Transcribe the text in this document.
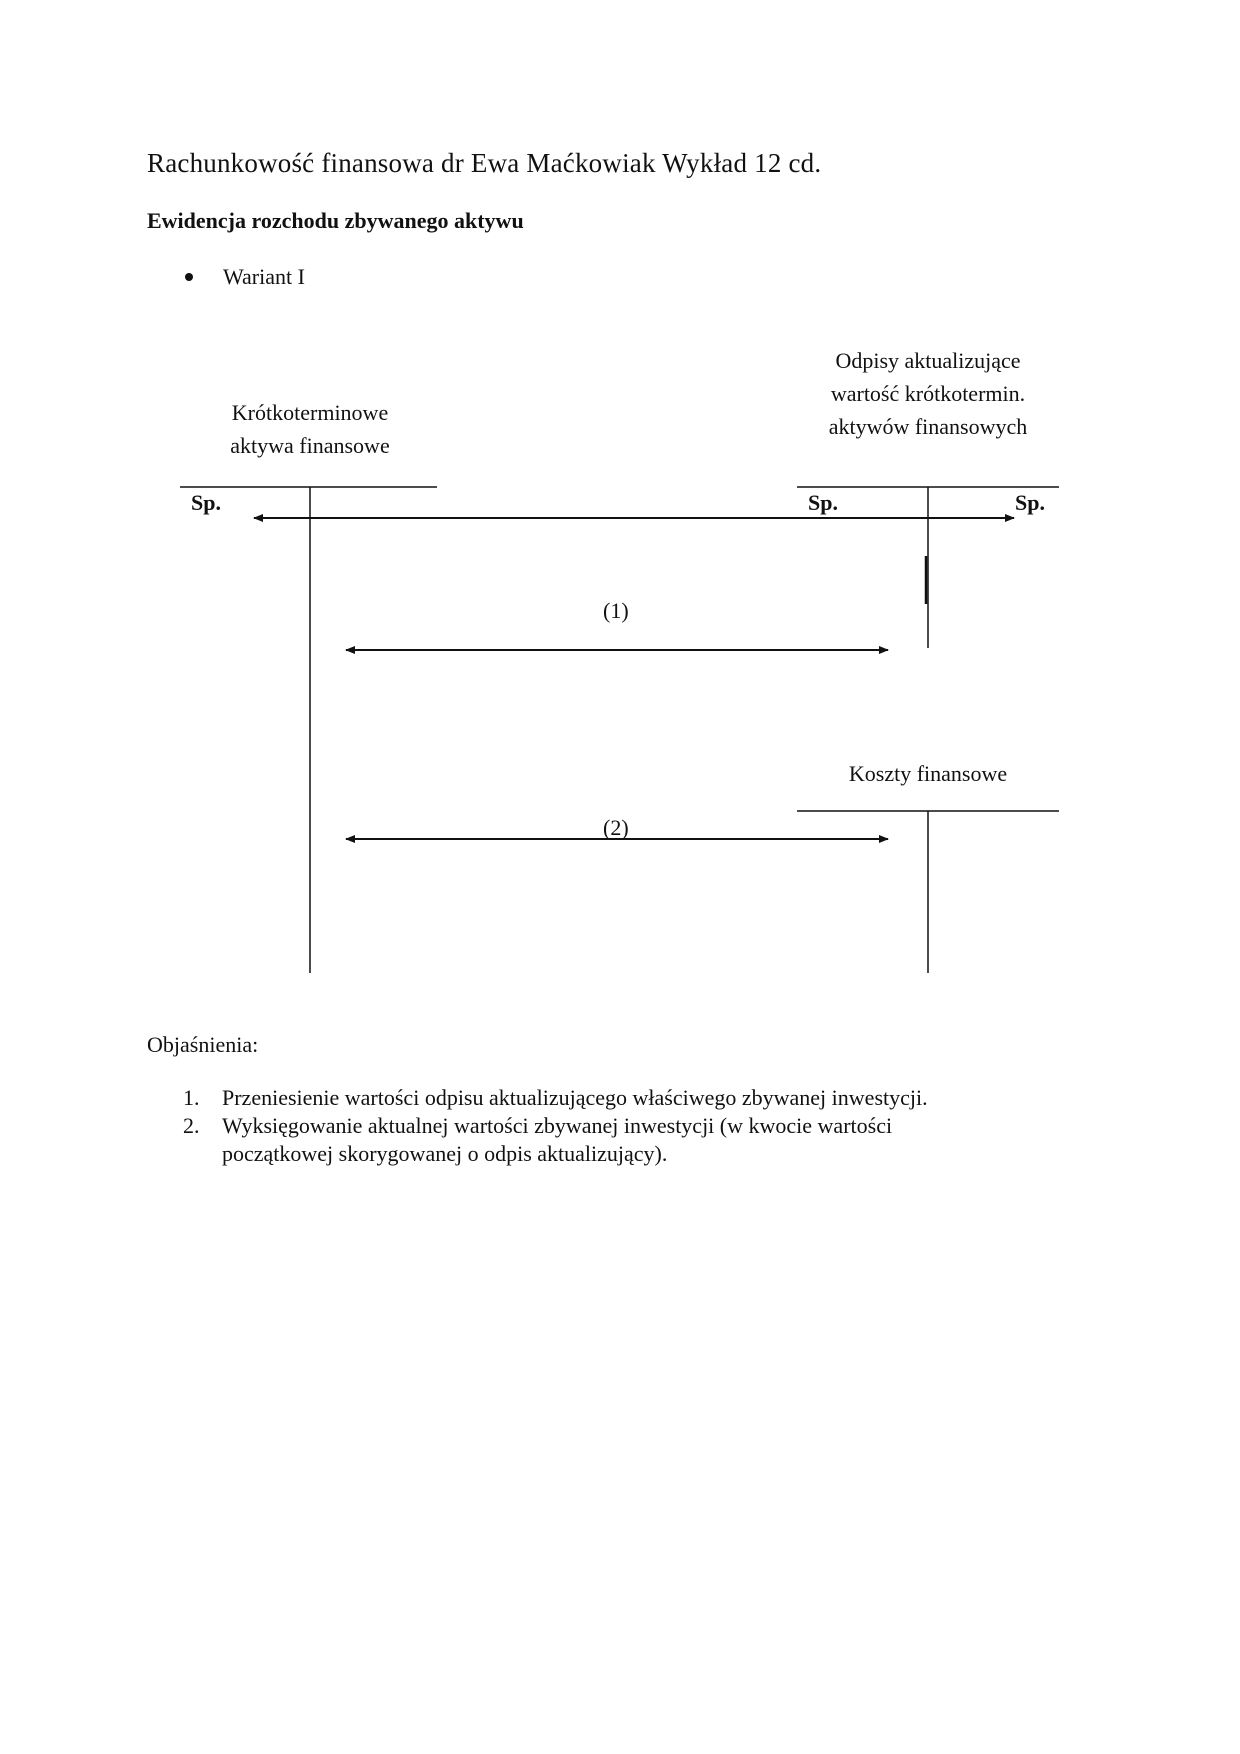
Rachunkowość finansowa dr Ewa Maćkowiak Wykład 12 cd.
Ewidencja rozchodu zbywanego aktywu
Wariant I
Krótkoterminowe
aktywa finansowe
Odpisy aktualizujące
wartość krótkotermin.
aktywów finansowych
Koszty finansowe
Sp.	Sp.	Sp.
(1)
(2)
Objaśnienia:
1.	Przeniesienie wartości odpisu aktualizującego właściwego zbywanej inwestycji.
2.	Wyksięgowanie aktualnej wartości zbywanej inwestycji (w kwocie wartości
początkowej skorygowanej o odpis aktualizujący).
